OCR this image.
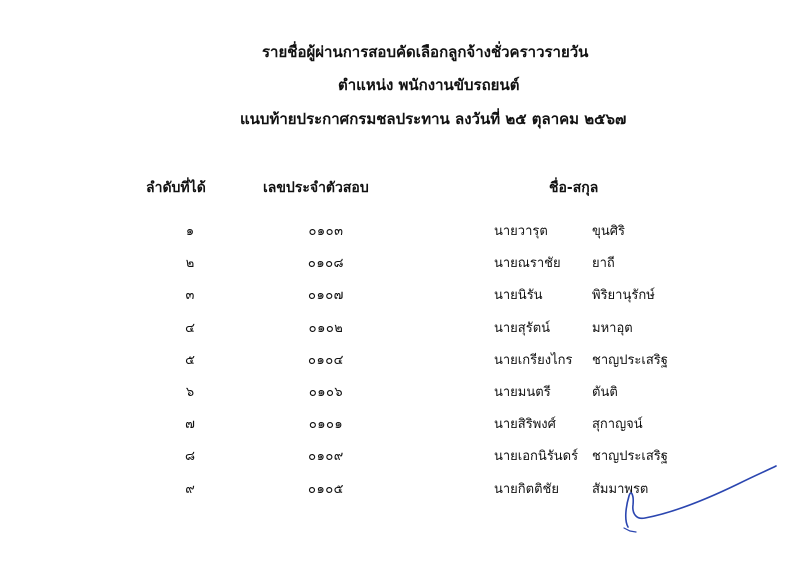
รายชื่อผู้ผ่านการสอบคัดเลือกลูกจ้างชั่วคราวรายวัน
ตำแหน่ง พนักงานขับรถยนต์
แนบท้ายประกาศกรมชลประทาน ลงวันที่ ๒๕ ตุลาคม ๒๕๖๗
ลำดับที่ได้	เลขประจำตัวสอบ	ชื่อ-สกุล
๑	๐๑๐๓	นายวารุต	ขุนศิริ
๒	๐๑๐๘	นายณราชัย ยาถี
๓	๐๑๐๗	นายนิรัน	พิริยานุรักษ์
๔	๐๑๐๒	นายสุรัตน์	มหาอุต
๕	๐๑๐๔	นายเกรียงไกร ชาญประเสริฐ
๖	๐๑๐๖	นายมนตรี	ตันติ
๗	๐๑๐๑	นายสิริพงศ์	สุกาญจน์
๘	๐๑๐๙	นายเอกนิรันดร์ ชาญประเสริฐ
๙	๐๑๐๕	นายกิตติชัย	สัมมาพรต
